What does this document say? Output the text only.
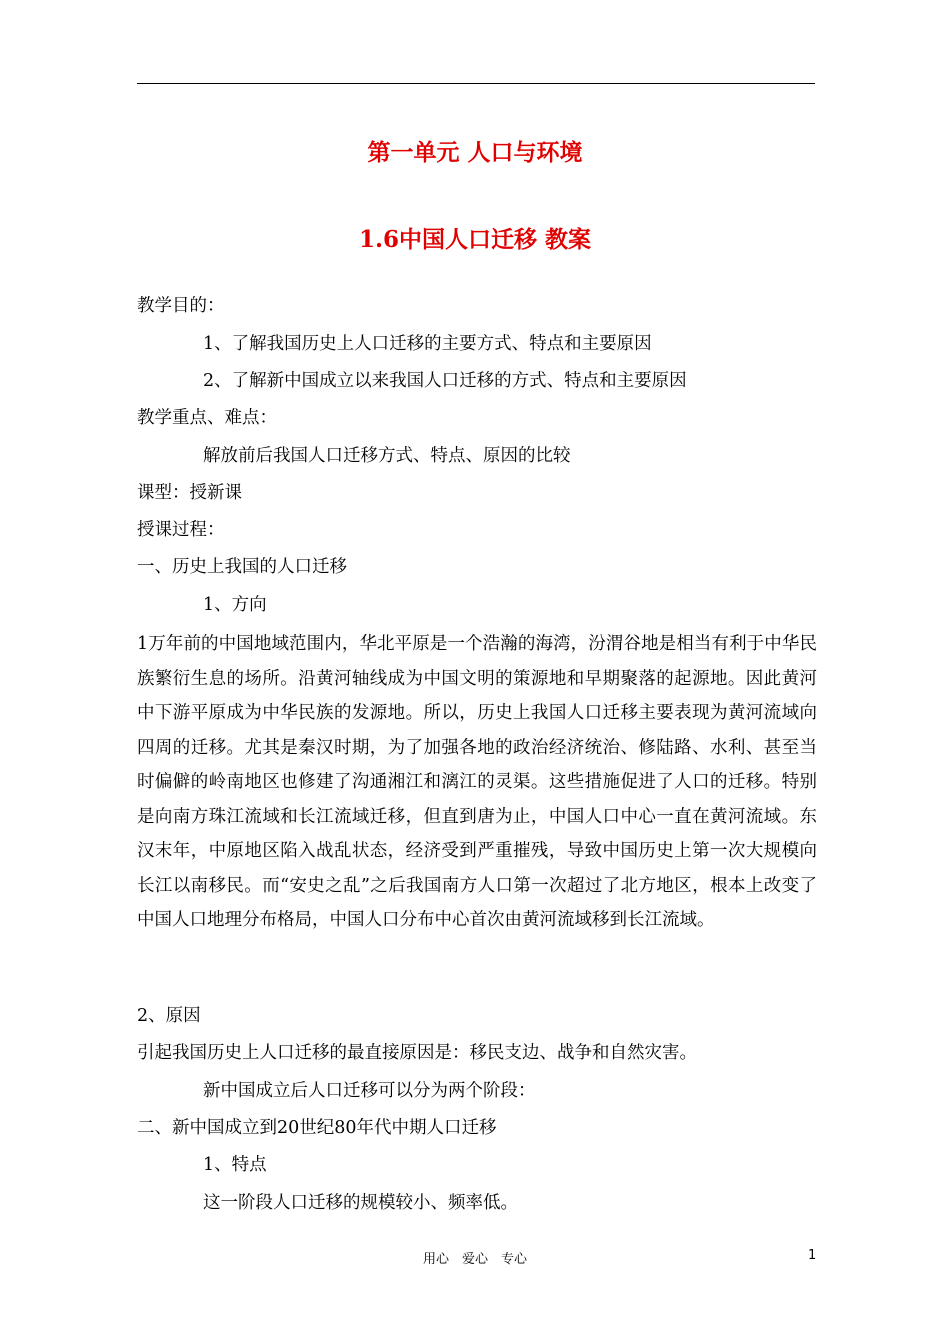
第一单元 人口与环境
1.6中国人口迁移 教案
教学目的：
1、了解我国历史上人口迁移的主要方式、特点和主要原因
2、了解新中国成立以来我国人口迁移的方式、特点和主要原因
教学重点、难点：
解放前后我国人口迁移方式、特点、原因的比较
课型：授新课
授课过程：
一、历史上我国的人口迁移
1、方向
1万年前的中国地域范围内，华北平原是一个浩瀚的海湾，汾渭谷地是相当有利于中华民族繁衍生息的场所。沿黄河轴线成为中国文明的策源地和早期聚落的起源地。因此黄河中下游平原成为中华民族的发源地。所以，历史上我国人口迁移主要表现为黄河流域向四周的迁移。尤其是秦汉时期，为了加强各地的政治经济统治、修陆路、水利、甚至当时偏僻的岭南地区也修建了沟通湘江和漓江的灵渠。这些措施促进了人口的迁移。特别是向南方珠江流域和长江流域迁移，但直到唐为止，中国人口中心一直在黄河流域。东汉末年，中原地区陷入战乱状态，经济受到严重摧残，导致中国历史上第一次大规模向长江以南移民。而“安史之乱”之后我国南方人口第一次超过了北方地区，根本上改变了中国人口地理分布格局，中国人口分布中心首次由黄河流域移到长江流域。
2、原因
引起我国历史上人口迁移的最直接原因是：移民支边、战争和自然灾害。
新中国成立后人口迁移可以分为两个阶段：
二、新中国成立到20世纪80年代中期人口迁移
1、特点
这一阶段人口迁移的规模较小、频率低。
用心　爱心　专心	1
